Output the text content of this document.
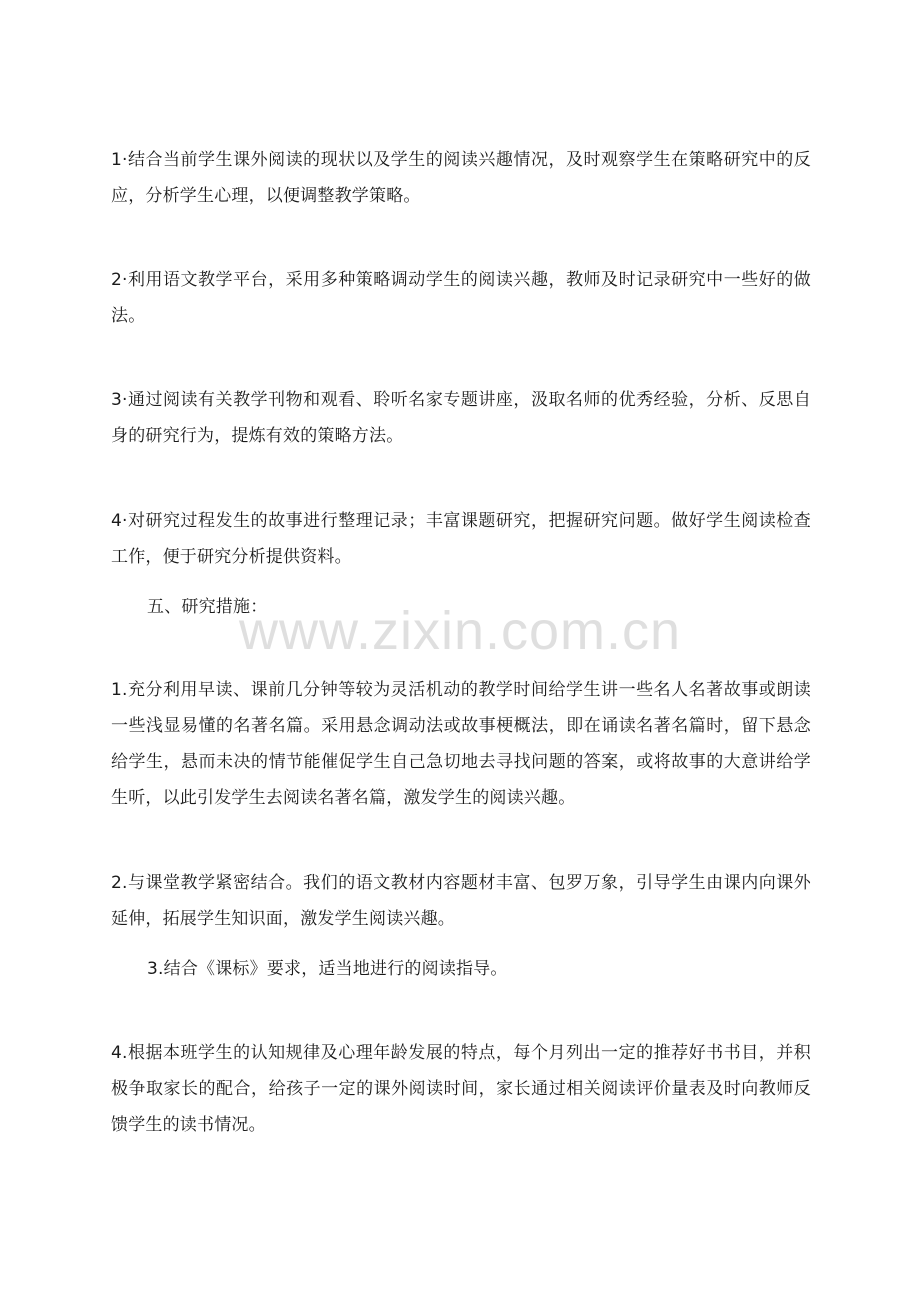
1·结合当前学生课外阅读的现状以及学生的阅读兴趣情况，及时观察学生在策略研究中的反应，分析学生心理，以便调整教学策略。

2·利用语文教学平台，采用多种策略调动学生的阅读兴趣，教师及时记录研究中一些好的做法。

3·通过阅读有关教学刊物和观看、聆听名家专题讲座，汲取名师的优秀经验，分析、反思自身的研究行为，提炼有效的策略方法。

4·对研究过程发生的故事进行整理记录；丰富课题研究，把握研究问题。做好学生阅读检查工作，便于研究分析提供资料。

五、研究措施：

www.zixin.com.cn

1.充分利用早读、课前几分钟等较为灵活机动的教学时间给学生讲一些名人名著故事或朗读一些浅显易懂的名著名篇。采用悬念调动法或故事梗概法，即在诵读名著名篇时，留下悬念给学生，悬而未决的情节能催促学生自己急切地去寻找问题的答案，或将故事的大意讲给学生听，以此引发学生去阅读名著名篇，激发学生的阅读兴趣。

2.与课堂教学紧密结合。我们的语文教材内容题材丰富、包罗万象，引导学生由课内向课外延伸，拓展学生知识面，激发学生阅读兴趣。

3.结合《课标》要求，适当地进行的阅读指导。

4.根据本班学生的认知规律及心理年龄发展的特点，每个月列出一定的推荐好书书目，并积极争取家长的配合，给孩子一定的课外阅读时间，家长通过相关阅读评价量表及时向教师反馈学生的读书情况。
